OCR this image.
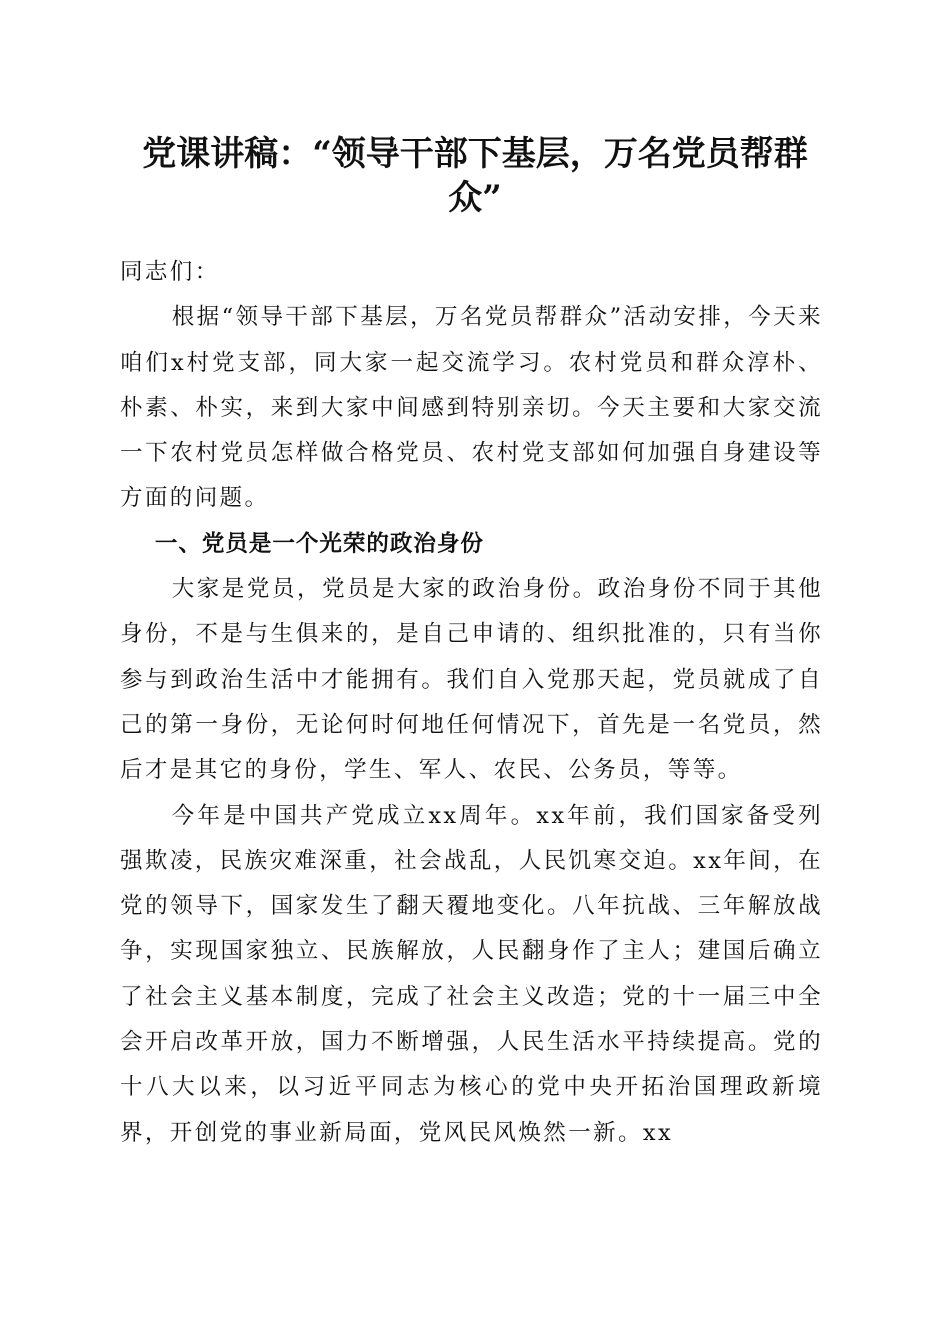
党课讲稿：“领导干部下基层，万名党员帮群众”

同志们：

根据“领导干部下基层，万名党员帮群众”活动安排，今天来咱们x村党支部，同大家一起交流学习。农村党员和群众淳朴、朴素、朴实，来到大家中间感到特别亲切。今天主要和大家交流一下农村党员怎样做合格党员、农村党支部如何加强自身建设等方面的问题。

一、党员是一个光荣的政治身份

大家是党员，党员是大家的政治身份。政治身份不同于其他身份，不是与生俱来的，是自己申请的、组织批准的，只有当你参与到政治生活中才能拥有。我们自入党那天起，党员就成了自己的第一身份，无论何时何地任何情况下，首先是一名党员，然后才是其它的身份，学生、军人、农民、公务员，等等。

今年是中国共产党成立xx周年。xx年前，我们国家备受列强欺凌，民族灾难深重，社会战乱，人民饥寒交迫。xx年间，在党的领导下，国家发生了翻天覆地变化。八年抗战、三年解放战争，实现国家独立、民族解放，人民翻身作了主人；建国后确立了社会主义基本制度，完成了社会主义改造；党的十一届三中全会开启改革开放，国力不断增强，人民生活水平持续提高。党的十八大以来，以习近平同志为核心的党中央开拓治国理政新境界，开创党的事业新局面，党风民风焕然一新。xx
